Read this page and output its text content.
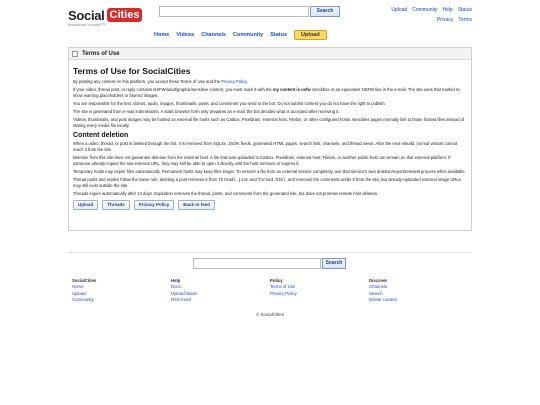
Social Cities
Broadcast Yourself™
Search	Upload Community Help Status
Privacy Terms
Home Videos Channels Community Status	Upload
Terms of Use
Terms of Use for SocialCities

By posting any content on this platform, you accept these Terms of Use and the Privacy Policy.

If your video, thread post, or reply contains NSFW/adult/graphic/sensitive content, you must mark it with the my content is nsfw checkbox or an equivalent NSFW line in the e-mail. The site uses that marker to show warning placeholders or blurred images.

You are responsible for the text, videos, audio, images, thumbnails, posts, and comments you send to the bot. Do not submit content you do not have the right to publish.

The site is generated from e-mail submissions. A static browser form only prepares an e-mail; the bot decides what is accepted after receiving it.

Videos, thumbnails, and post images may be hosted on external file hosts such as Catbox, Pixeldrain, external host, Filebin, or other configured hosts. Neocities pages normally link to those hosted files instead of storing every media file locally.

Content deletion

When a video, thread, or post is deleted through the bot, it is removed from SQLite, JSON feeds, generated HTML pages, search lists, channels, and thread views. After the next rebuild, normal visitors cannot reach it from the site.

Deletion from this site does not guarantee deletion from the external host. A file that was uploaded to Catbox, Pixeldrain, external host, Filebin, or another public host can remain on that external platform. If someone already copied the raw external URL, they may still be able to open it directly until the host removes or expires it.

Temporary hosts may expire files automatically. Permanent hosts may keep files longer. To remove a file from an external service completely, use that service's own deletion/report/removal process when available.

Thread posts and replies follow the same rule: deleting a post removes it from threads.json and thread.html, and removes the comments under it from the site, but already-uploaded external image URLs may still exist outside the site.

Threads expire automatically after 14 days. Expiration removes the thread, posts, and comments from the generated site, but does not promise remote host deletion.

Upload	Threads	Privacy Policy	Back to feed
Search
SocialCities
Home
Upload
Community
Help
Docs
Upload status
RSS Feed
Policy
Terms of Use
Privacy Policy
Discover
Channels
Search
Delete content
© SocialCities
